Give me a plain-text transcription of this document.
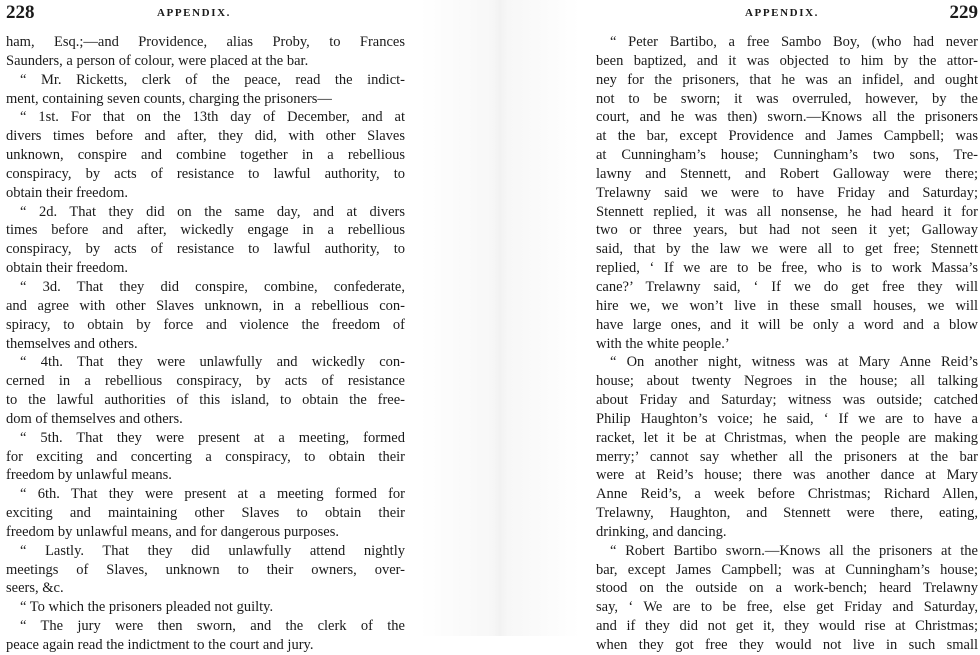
228	APPENDIX.
ham, Esq.;—and Providence, alias Proby, to Frances
Saunders, a person of colour, were placed at the bar.
“ Mr. Ricketts, clerk of the peace, read the indict-
ment, containing seven counts, charging the prisoners—
“ 1st. For that on the 13th day of December, and at
divers times before and after, they did, with other Slaves
unknown, conspire and combine together in a rebellious
conspiracy, by acts of resistance to lawful authority, to
obtain their freedom.
“ 2d. That they did on the same day, and at divers
times before and after, wickedly engage in a rebellious
conspiracy, by acts of resistance to lawful authority, to
obtain their freedom.
“ 3d. That they did conspire, combine, confederate,
and agree with other Slaves unknown, in a rebellious con-
spiracy, to obtain by force and violence the freedom of
themselves and others.
“ 4th. That they were unlawfully and wickedly con-
cerned in a rebellious conspiracy, by acts of resistance
to the lawful authorities of this island, to obtain the free-
dom of themselves and others.
“ 5th. That they were present at a meeting, formed
for exciting and concerting a conspiracy, to obtain their
freedom by unlawful means.
“ 6th. That they were present at a meeting formed for
exciting and maintaining other Slaves to obtain their
freedom by unlawful means, and for dangerous purposes.
“ Lastly. That they did unlawfully attend nightly
meetings of Slaves, unknown to their owners, over-
seers, &c.
“ To which the prisoners pleaded not guilty.
“ The jury were then sworn, and the clerk of the
peace again read the indictment to the court and jury.
APPENDIX.	229
“ Peter Bartibo, a free Sambo Boy, (who had never
been baptized, and it was objected to him by the attor-
ney for the prisoners, that he was an infidel, and ought
not to be sworn; it was overruled, however, by the
court, and he was then) sworn.—Knows all the prisoners
at the bar, except Providence and James Campbell; was
at Cunningham’s house; Cunningham’s two sons, Tre-
lawny and Stennett, and Robert Galloway were there;
Trelawny said we were to have Friday and Saturday;
Stennett replied, it was all nonsense, he had heard it for
two or three years, but had not seen it yet; Galloway
said, that by the law we were all to get free; Stennett
replied, ‘ If we are to be free, who is to work Massa’s
cane?’ Trelawny said, ‘ If we do get free they will
hire we, we won’t live in these small houses, we will
have large ones, and it will be only a word and a blow
with the white people.’
“ On another night, witness was at Mary Anne Reid’s
house; about twenty Negroes in the house; all talking
about Friday and Saturday; witness was outside; catched
Philip Haughton’s voice; he said, ‘ If we are to have a
racket, let it be at Christmas, when the people are making
merry;’ cannot say whether all the prisoners at the bar
were at Reid’s house; there was another dance at Mary
Anne Reid’s, a week before Christmas; Richard Allen,
Trelawny, Haughton, and Stennett were there, eating,
drinking, and dancing.
“ Robert Bartibo sworn.—Knows all the prisoners at the
bar, except James Campbell; was at Cunningham’s house;
stood on the outside on a work-bench; heard Trelawny
say, ‘ We are to be free, else get Friday and Saturday,
and if they did not get it, they would rise at Christmas;
when they got free they would not live in such small
